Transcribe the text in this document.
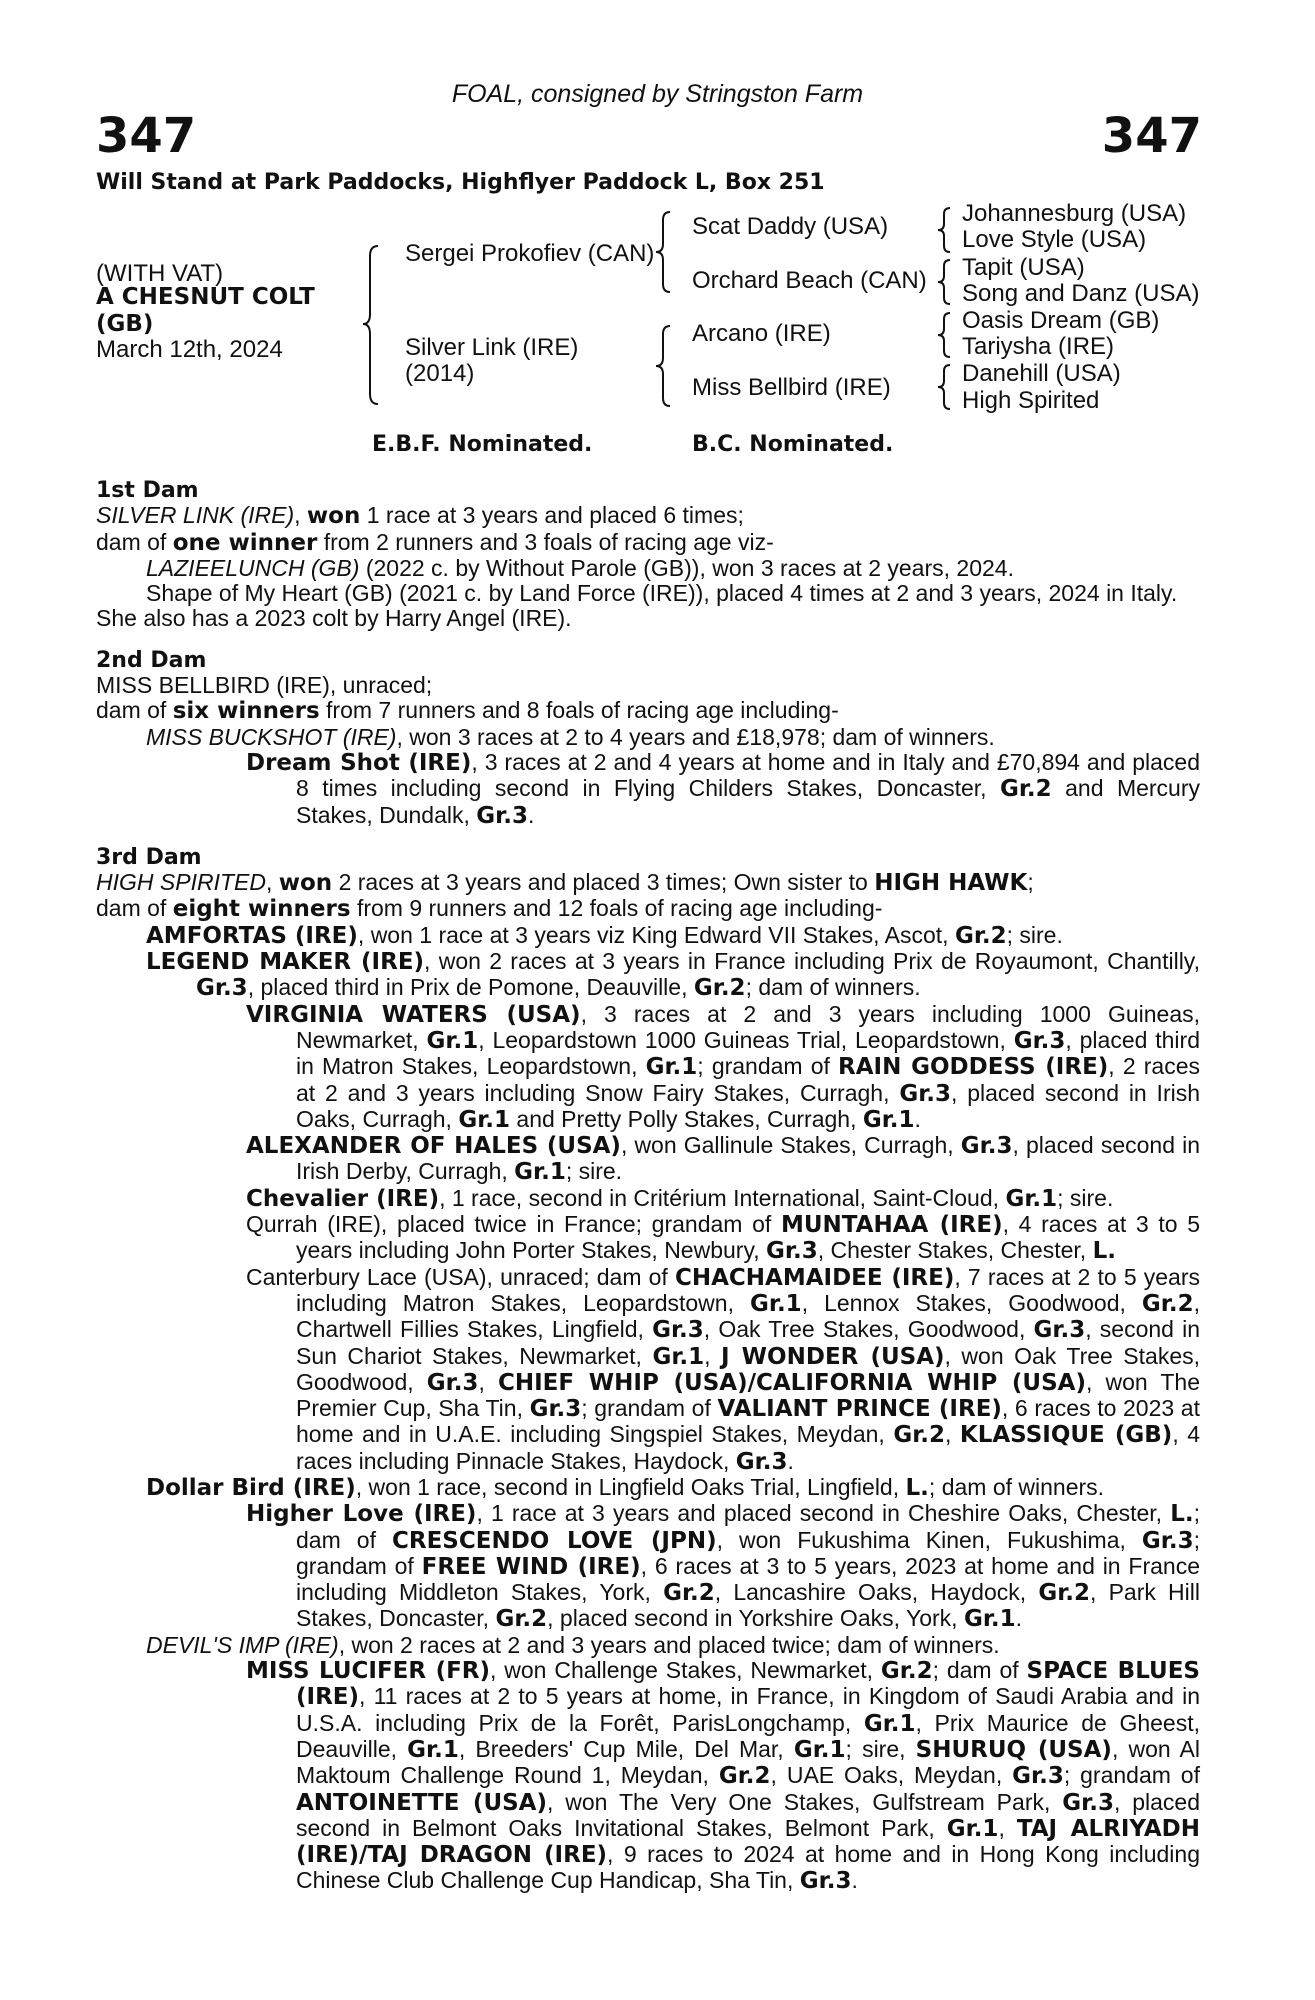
FOAL, consigned by Stringston Farm
347	347
Will Stand at Park Paddocks, Highflyer Paddock L, Box 251
(WITH VAT)
A CHESNUT COLT
(GB)
March 12th, 2024
Sergei Prokofiev (CAN)
Silver Link (IRE)
(2014)
Scat Daddy (USA)
Orchard Beach (CAN)
Arcano (IRE)
Miss Bellbird (IRE)
Johannesburg (USA)
Love Style (USA)
Tapit (USA)
Song and Danz (USA)
Oasis Dream (GB)
Tariysha (IRE)
Danehill (USA)
High Spirited
E.B.F. Nominated.	B.C. Nominated.

1st Dam

SILVER LINK (IRE), won 1 race at 3 years and placed 6 times;

dam of one winner from 2 runners and 3 foals of racing age viz-

LAZIEELUNCH (GB) (2022 c. by Without Parole (GB)), won 3 races at 2 years, 2024.

Shape of My Heart (GB) (2021 c. by Land Force (IRE)), placed 4 times at 2 and 3 years, 2024 in Italy.

She also has a 2023 colt by Harry Angel (IRE).

2nd Dam

MISS BELLBIRD (IRE), unraced;

dam of six winners from 7 runners and 8 foals of racing age including-

MISS BUCKSHOT (IRE), won 3 races at 2 to 4 years and £18,978; dam of winners.

Dream Shot (IRE), 3 races at 2 and 4 years at home and in Italy and £70,894 and placed 8 times including second in Flying Childers Stakes, Doncaster, Gr.2 and Mercury Stakes, Dundalk, Gr.3.

3rd Dam

HIGH SPIRITED, won 2 races at 3 years and placed 3 times; Own sister to HIGH HAWK;

dam of eight winners from 9 runners and 12 foals of racing age including-

AMFORTAS (IRE), won 1 race at 3 years viz King Edward VII Stakes, Ascot, Gr.2; sire.

LEGEND MAKER (IRE), won 2 races at 3 years in France including Prix de Royaumont, Chantilly, Gr.3, placed third in Prix de Pomone, Deauville, Gr.2; dam of winners.

VIRGINIA WATERS (USA), 3 races at 2 and 3 years including 1000 Guineas, Newmarket, Gr.1, Leopardstown 1000 Guineas Trial, Leopardstown, Gr.3, placed third in Matron Stakes, Leopardstown, Gr.1; grandam of RAIN GODDESS (IRE), 2 races at 2 and 3 years including Snow Fairy Stakes, Curragh, Gr.3, placed second in Irish Oaks, Curragh, Gr.1 and Pretty Polly Stakes, Curragh, Gr.1.

ALEXANDER OF HALES (USA), won Gallinule Stakes, Curragh, Gr.3, placed second in Irish Derby, Curragh, Gr.1; sire.

Chevalier (IRE), 1 race, second in Critérium International, Saint-Cloud, Gr.1; sire.

Qurrah (IRE), placed twice in France; grandam of MUNTAHAA (IRE), 4 races at 3 to 5 years including John Porter Stakes, Newbury, Gr.3, Chester Stakes, Chester, L.

Canterbury Lace (USA), unraced; dam of CHACHAMAIDEE (IRE), 7 races at 2 to 5 years including Matron Stakes, Leopardstown, Gr.1, Lennox Stakes, Goodwood, Gr.2, Chartwell Fillies Stakes, Lingfield, Gr.3, Oak Tree Stakes, Goodwood, Gr.3, second in Sun Chariot Stakes, Newmarket, Gr.1, J WONDER (USA), won Oak Tree Stakes, Goodwood, Gr.3, CHIEF WHIP (USA)/CALIFORNIA WHIP (USA), won The Premier Cup, Sha Tin, Gr.3; grandam of VALIANT PRINCE (IRE), 6 races to 2023 at home and in U.A.E. including Singspiel Stakes, Meydan, Gr.2, KLASSIQUE (GB), 4 races including Pinnacle Stakes, Haydock, Gr.3.

Dollar Bird (IRE), won 1 race, second in Lingfield Oaks Trial, Lingfield, L.; dam of winners.

Higher Love (IRE), 1 race at 3 years and placed second in Cheshire Oaks, Chester, L.; dam of CRESCENDO LOVE (JPN), won Fukushima Kinen, Fukushima, Gr.3; grandam of FREE WIND (IRE), 6 races at 3 to 5 years, 2023 at home and in France including Middleton Stakes, York, Gr.2, Lancashire Oaks, Haydock, Gr.2, Park Hill Stakes, Doncaster, Gr.2, placed second in Yorkshire Oaks, York, Gr.1.

DEVIL'S IMP (IRE), won 2 races at 2 and 3 years and placed twice; dam of winners.

MISS LUCIFER (FR), won Challenge Stakes, Newmarket, Gr.2; dam of SPACE BLUES (IRE), 11 races at 2 to 5 years at home, in France, in Kingdom of Saudi Arabia and in U.S.A. including Prix de la Forêt, ParisLongchamp, Gr.1, Prix Maurice de Gheest, Deauville, Gr.1, Breeders' Cup Mile, Del Mar, Gr.1; sire, SHURUQ (USA), won Al Maktoum Challenge Round 1, Meydan, Gr.2, UAE Oaks, Meydan, Gr.3; grandam of ANTOINETTE (USA), won The Very One Stakes, Gulfstream Park, Gr.3, placed second in Belmont Oaks Invitational Stakes, Belmont Park, Gr.1, TAJ ALRIYADH (IRE)/TAJ DRAGON (IRE), 9 races to 2024 at home and in Hong Kong including Chinese Club Challenge Cup Handicap, Sha Tin, Gr.3.
